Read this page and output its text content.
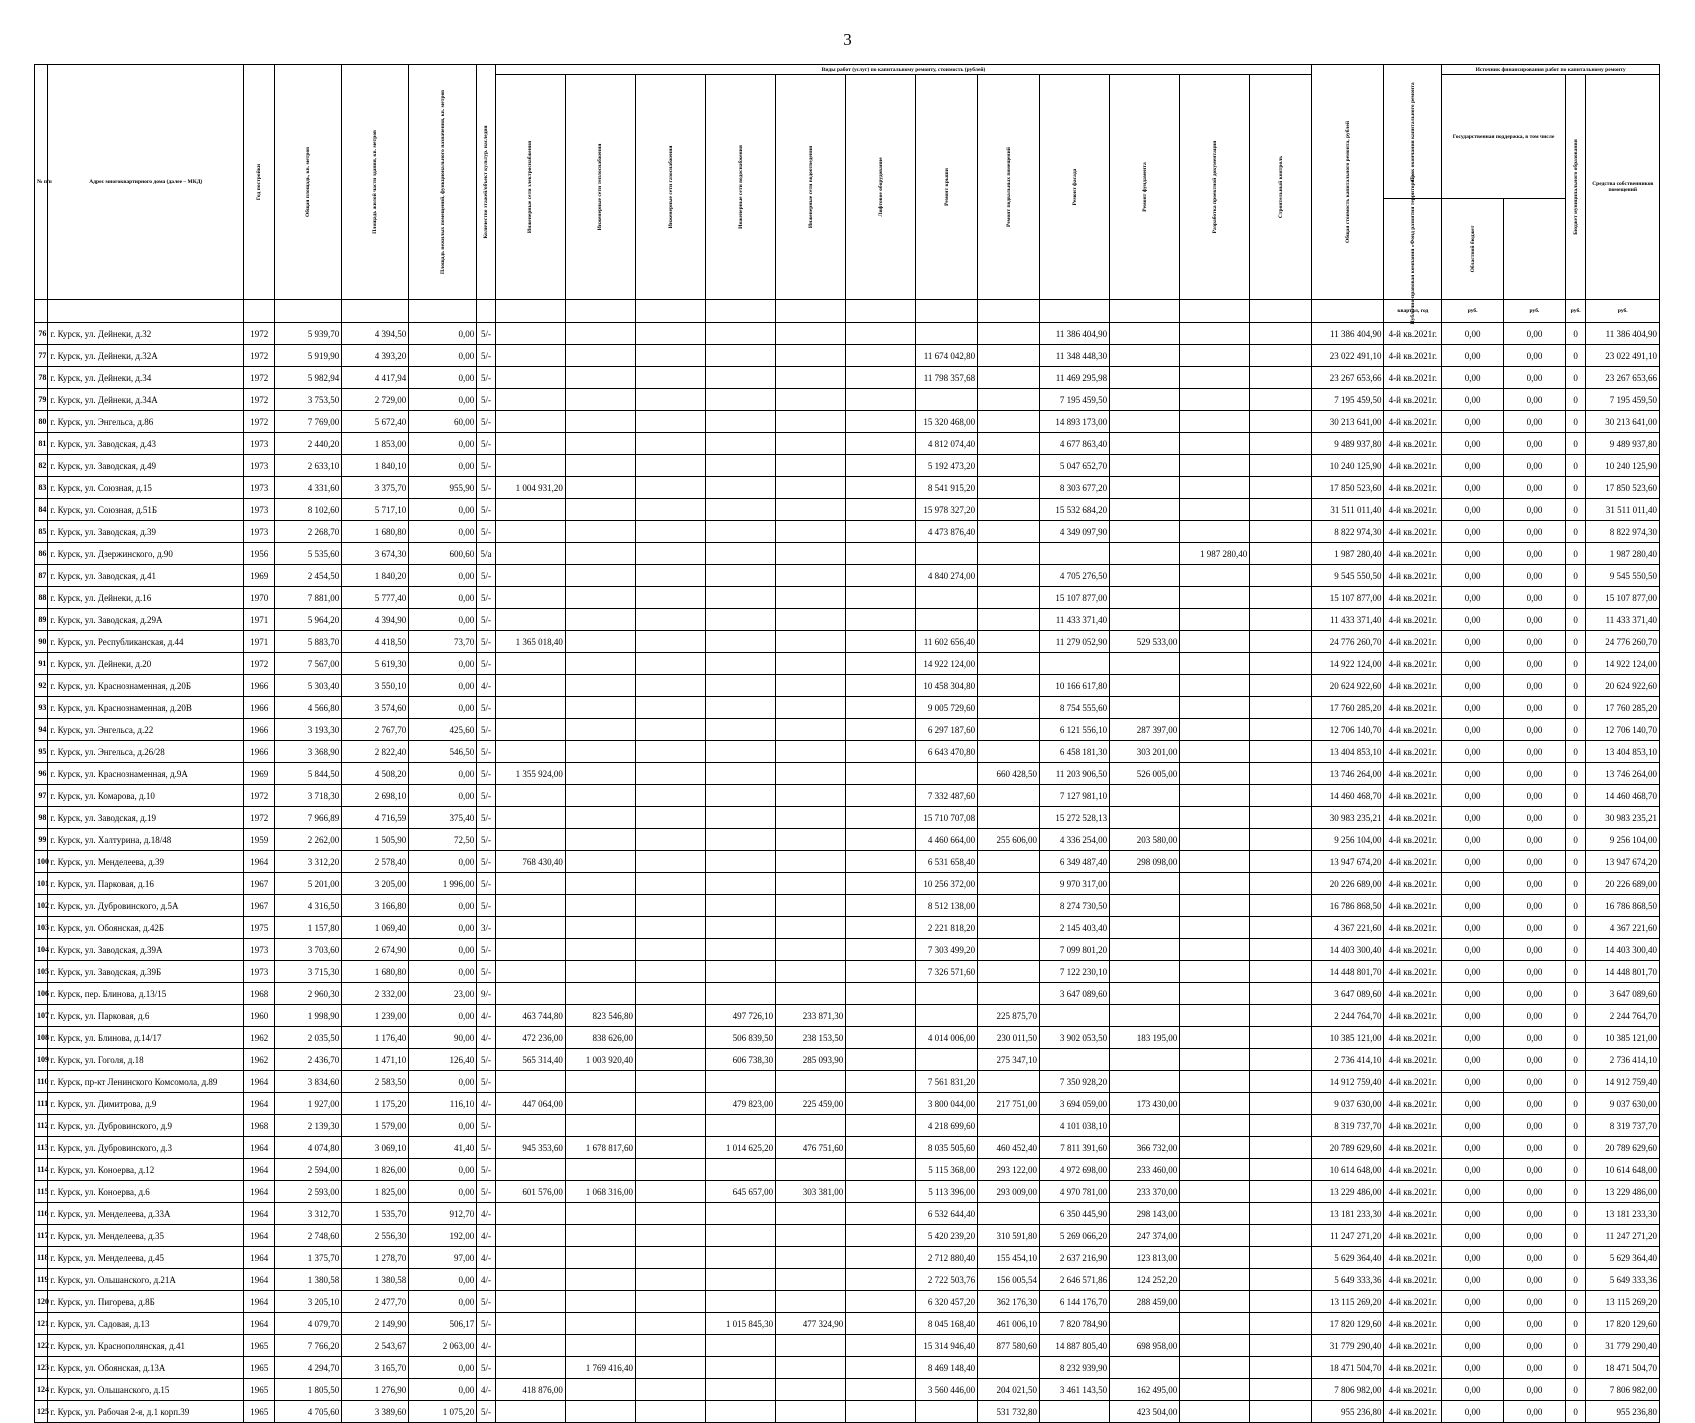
3
№ п/п	Адрес многоквартирного дома (далее – МКД)	Год постройки	Общая площадь, кв. метров	Площадь жилой части здания, кв. метров	Площадь нежилых помещений, функционального назначения, кв. метров	Количество этажей/объект культур. наследия	Виды работ (услуг) по капитальному ремонту, стоимость (рублей)												Общая стоимость капитального ремонта, рублей	Срок окончания капитального ремонта	Источник финансирования работ по капитальному ремонту			

							Инженерные сети электроснабжения	Инженерные сети теплоснабжения	Инженерные сети газоснабжения	Инженерные сети водоснабжения	Инженерные сети водоотведения	Лифтовое оборудование	Ремонт крыши	Ремонт подвальных помещений	Ремонт фасада	Ремонт фундамента	Разработка проектной документации	Строительный контроль			Государственная поддержка, в том числе		Бюджет муниципального образования	Средства собственников помещений

																				Публично-правовая компания «Фонд развития территорий»	Областной бюджет			

																				квартал, год	руб.	руб.	руб.	руб.
76	г. Курск, ул. Дейнеки, д.32	1972	5 939,70	4 394,50	0,00	5/-									11 386 404,90				11 386 404,90	4-й кв.2021г.	0,00	0,00	0	11 386 404,90
77	г. Курск, ул. Дейнеки, д.32А	1972	5 919,90	4 393,20	0,00	5/-							11 674 042,80		11 348 448,30				23 022 491,10	4-й кв.2021г.	0,00	0,00	0	23 022 491,10
78	г. Курск, ул. Дейнеки, д.34	1972	5 982,94	4 417,94	0,00	5/-							11 798 357,68		11 469 295,98				23 267 653,66	4-й кв.2021г.	0,00	0,00	0	23 267 653,66
79	г. Курск, ул. Дейнеки, д.34А	1972	3 753,50	2 729,00	0,00	5/-									7 195 459,50				7 195 459,50	4-й кв.2021г.	0,00	0,00	0	7 195 459,50
80	г. Курск, ул. Энгельса, д.86	1972	7 769,00	5 672,40	60,00	5/-							15 320 468,00		14 893 173,00				30 213 641,00	4-й кв.2021г.	0,00	0,00	0	30 213 641,00
81	г. Курск, ул. Заводская, д.43	1973	2 440,20	1 853,00	0,00	5/-							4 812 074,40		4 677 863,40				9 489 937,80	4-й кв.2021г.	0,00	0,00	0	9 489 937,80
82	г. Курск, ул. Заводская, д.49	1973	2 633,10	1 840,10	0,00	5/-							5 192 473,20		5 047 652,70				10 240 125,90	4-й кв.2021г.	0,00	0,00	0	10 240 125,90
83	г. Курск, ул. Союзная, д.15	1973	4 331,60	3 375,70	955,90	5/-	1 004 931,20						8 541 915,20		8 303 677,20				17 850 523,60	4-й кв.2021г.	0,00	0,00	0	17 850 523,60
84	г. Курск, ул. Союзная, д.51Б	1973	8 102,60	5 717,10	0,00	5/-							15 978 327,20		15 532 684,20				31 511 011,40	4-й кв.2021г.	0,00	0,00	0	31 511 011,40
85	г. Курск, ул. Заводская, д.39	1973	2 268,70	1 680,80	0,00	5/-							4 473 876,40		4 349 097,90				8 822 974,30	4-й кв.2021г.	0,00	0,00	0	8 822 974,30
86	г. Курск, ул. Дзержинского, д.90	1956	5 535,60	3 674,30	600,60	5/а											1 987 280,40		1 987 280,40	4-й кв.2021г.	0,00	0,00	0	1 987 280,40
87	г. Курск, ул. Заводская, д.41	1969	2 454,50	1 840,20	0,00	5/-							4 840 274,00		4 705 276,50				9 545 550,50	4-й кв.2021г.	0,00	0,00	0	9 545 550,50
88	г. Курск, ул. Дейнеки, д.16	1970	7 881,00	5 777,40	0,00	5/-									15 107 877,00				15 107 877,00	4-й кв.2021г.	0,00	0,00	0	15 107 877,00
89	г. Курск, ул. Заводская, д.29А	1971	5 964,20	4 394,90	0,00	5/-									11 433 371,40				11 433 371,40	4-й кв.2021г.	0,00	0,00	0	11 433 371,40
90	г. Курск, ул. Республиканская, д.44	1971	5 883,70	4 418,50	73,70	5/-	1 365 018,40						11 602 656,40		11 279 052,90	529 533,00			24 776 260,70	4-й кв.2021г.	0,00	0,00	0	24 776 260,70
91	г. Курск, ул. Дейнеки, д.20	1972	7 567,00	5 619,30	0,00	5/-							14 922 124,00						14 922 124,00	4-й кв.2021г.	0,00	0,00	0	14 922 124,00
92	г. Курск, ул. Краснознаменная, д.20Б	1966	5 303,40	3 550,10	0,00	4/-							10 458 304,80		10 166 617,80				20 624 922,60	4-й кв.2021г.	0,00	0,00	0	20 624 922,60
93	г. Курск, ул. Краснознаменная, д.20В	1966	4 566,80	3 574,60	0,00	5/-							9 005 729,60		8 754 555,60				17 760 285,20	4-й кв.2021г.	0,00	0,00	0	17 760 285,20
94	г. Курск, ул. Энгельса, д.22	1966	3 193,30	2 767,70	425,60	5/-							6 297 187,60		6 121 556,10	287 397,00			12 706 140,70	4-й кв.2021г.	0,00	0,00	0	12 706 140,70
95	г. Курск, ул. Энгельса, д.26/28	1966	3 368,90	2 822,40	546,50	5/-							6 643 470,80		6 458 181,30	303 201,00			13 404 853,10	4-й кв.2021г.	0,00	0,00	0	13 404 853,10
96	г. Курск, ул. Краснознаменная, д.9А	1969	5 844,50	4 508,20	0,00	5/-	1 355 924,00							660 428,50	11 203 906,50	526 005,00			13 746 264,00	4-й кв.2021г.	0,00	0,00	0	13 746 264,00
97	г. Курск, ул. Комарова, д.10	1972	3 718,30	2 698,10	0,00	5/-							7 332 487,60		7 127 981,10				14 460 468,70	4-й кв.2021г.	0,00	0,00	0	14 460 468,70
98	г. Курск, ул. Заводская, д.19	1972	7 966,89	4 716,59	375,40	5/-							15 710 707,08		15 272 528,13				30 983 235,21	4-й кв.2021г.	0,00	0,00	0	30 983 235,21
99	г. Курск, ул. Халтурина, д.18/48	1959	2 262,00	1 505,90	72,50	5/-							4 460 664,00	255 606,00	4 336 254,00	203 580,00			9 256 104,00	4-й кв.2021г.	0,00	0,00	0	9 256 104,00
100	г. Курск, ул. Менделеева, д.39	1964	3 312,20	2 578,40	0,00	5/-	768 430,40						6 531 658,40		6 349 487,40	298 098,00			13 947 674,20	4-й кв.2021г.	0,00	0,00	0	13 947 674,20
101	г. Курск, ул. Парковая, д.16	1967	5 201,00	3 205,00	1 996,00	5/-							10 256 372,00		9 970 317,00				20 226 689,00	4-й кв.2021г.	0,00	0,00	0	20 226 689,00
102	г. Курск, ул. Дубровинского, д.5А	1967	4 316,50	3 166,80	0,00	5/-							8 512 138,00		8 274 730,50				16 786 868,50	4-й кв.2021г.	0,00	0,00	0	16 786 868,50
103	г. Курск, ул. Обоянская, д.42Б	1975	1 157,80	1 069,40	0,00	3/-							2 221 818,20		2 145 403,40				4 367 221,60	4-й кв.2021г.	0,00	0,00	0	4 367 221,60
104	г. Курск, ул. Заводская, д.39А	1973	3 703,60	2 674,90	0,00	5/-							7 303 499,20		7 099 801,20				14 403 300,40	4-й кв.2021г.	0,00	0,00	0	14 403 300,40
105	г. Курск, ул. Заводская, д.39Б	1973	3 715,30	1 680,80	0,00	5/-							7 326 571,60		7 122 230,10				14 448 801,70	4-й кв.2021г.	0,00	0,00	0	14 448 801,70
106	г. Курск, пер. Блинова, д.13/15	1968	2 960,30	2 332,00	23,00	9/-									3 647 089,60				3 647 089,60	4-й кв.2021г.	0,00	0,00	0	3 647 089,60
107	г. Курск, ул. Парковая, д.6	1960	1 998,90	1 239,00	0,00	4/-	463 744,80	823 546,80		497 726,10	233 871,30			225 875,70					2 244 764,70	4-й кв.2021г.	0,00	0,00	0	2 244 764,70
108	г. Курск, ул. Блинова, д.14/17	1962	2 035,50	1 176,40	90,00	4/-	472 236,00	838 626,00		506 839,50	238 153,50		4 014 006,00	230 011,50	3 902 053,50	183 195,00			10 385 121,00	4-й кв.2021г.	0,00	0,00	0	10 385 121,00
109	г. Курск, ул. Гоголя, д.18	1962	2 436,70	1 471,10	126,40	5/-	565 314,40	1 003 920,40		606 738,30	285 093,90			275 347,10					2 736 414,10	4-й кв.2021г.	0,00	0,00	0	2 736 414,10
110	г. Курск, пр-кт Ленинского Комсомола, д.89	1964	3 834,60	2 583,50	0,00	5/-							7 561 831,20		7 350 928,20				14 912 759,40	4-й кв.2021г.	0,00	0,00	0	14 912 759,40
111	г. Курск, ул. Димитрова, д.9	1964	1 927,00	1 175,20	116,10	4/-	447 064,00			479 823,00	225 459,00		3 800 044,00	217 751,00	3 694 059,00	173 430,00			9 037 630,00	4-й кв.2021г.	0,00	0,00	0	9 037 630,00
112	г. Курск, ул. Дубровинского, д.9	1968	2 139,30	1 579,00	0,00	5/-							4 218 699,60		4 101 038,10				8 319 737,70	4-й кв.2021г.	0,00	0,00	0	8 319 737,70
113	г. Курск, ул. Дубровинского, д.3	1964	4 074,80	3 069,10	41,40	5/-	945 353,60	1 678 817,60		1 014 625,20	476 751,60		8 035 505,60	460 452,40	7 811 391,60	366 732,00			20 789 629,60	4-й кв.2021г.	0,00	0,00	0	20 789 629,60
114	г. Курск, ул. Коноерва, д.12	1964	2 594,00	1 826,00	0,00	5/-							5 115 368,00	293 122,00	4 972 698,00	233 460,00			10 614 648,00	4-й кв.2021г.	0,00	0,00	0	10 614 648,00
115	г. Курск, ул. Коноерва, д.6	1964	2 593,00	1 825,00	0,00	5/-	601 576,00	1 068 316,00		645 657,00	303 381,00		5 113 396,00	293 009,00	4 970 781,00	233 370,00			13 229 486,00	4-й кв.2021г.	0,00	0,00	0	13 229 486,00
116	г. Курск, ул. Менделеева, д.33А	1964	3 312,70	1 535,70	912,70	4/-							6 532 644,40		6 350 445,90	298 143,00			13 181 233,30	4-й кв.2021г.	0,00	0,00	0	13 181 233,30
117	г. Курск, ул. Менделеева, д.35	1964	2 748,60	2 556,30	192,00	4/-							5 420 239,20	310 591,80	5 269 066,20	247 374,00			11 247 271,20	4-й кв.2021г.	0,00	0,00	0	11 247 271,20
118	г. Курск, ул. Менделеева, д.45	1964	1 375,70	1 278,70	97,00	4/-							2 712 880,40	155 454,10	2 637 216,90	123 813,00			5 629 364,40	4-й кв.2021г.	0,00	0,00	0	5 629 364,40
119	г. Курск, ул. Ольшанского, д.21А	1964	1 380,58	1 380,58	0,00	4/-							2 722 503,76	156 005,54	2 646 571,86	124 252,20			5 649 333,36	4-й кв.2021г.	0,00	0,00	0	5 649 333,36
120	г. Курск, ул. Пигорева, д.8Б	1964	3 205,10	2 477,70	0,00	5/-							6 320 457,20	362 176,30	6 144 176,70	288 459,00			13 115 269,20	4-й кв.2021г.	0,00	0,00	0	13 115 269,20
121	г. Курск, ул. Садовая, д.13	1964	4 079,70	2 149,90	506,17	5/-				1 015 845,30	477 324,90		8 045 168,40	461 006,10	7 820 784,90				17 820 129,60	4-й кв.2021г.	0,00	0,00	0	17 820 129,60
122	г. Курск, ул. Краснополянская, д.41	1965	7 766,20	2 543,67	2 063,00	4/-							15 314 946,40	877 580,60	14 887 805,40	698 958,00			31 779 290,40	4-й кв.2021г.	0,00	0,00	0	31 779 290,40
123	г. Курск, ул. Обоянская, д.13А	1965	4 294,70	3 165,70	0,00	5/-		1 769 416,40					8 469 148,40		8 232 939,90				18 471 504,70	4-й кв.2021г.	0,00	0,00	0	18 471 504,70
124	г. Курск, ул. Ольшанского, д.15	1965	1 805,50	1 276,90	0,00	4/-	418 876,00						3 560 446,00	204 021,50	3 461 143,50	162 495,00			7 806 982,00	4-й кв.2021г.	0,00	0,00	0	7 806 982,00
125	г. Курск, ул. Рабочая 2-я, д.1 корп.39	1965	4 705,60	3 389,60	1 075,20	5/-								531 732,80		423 504,00			955 236,80	4-й кв.2021г.	0,00	0,00	0	955 236,80
